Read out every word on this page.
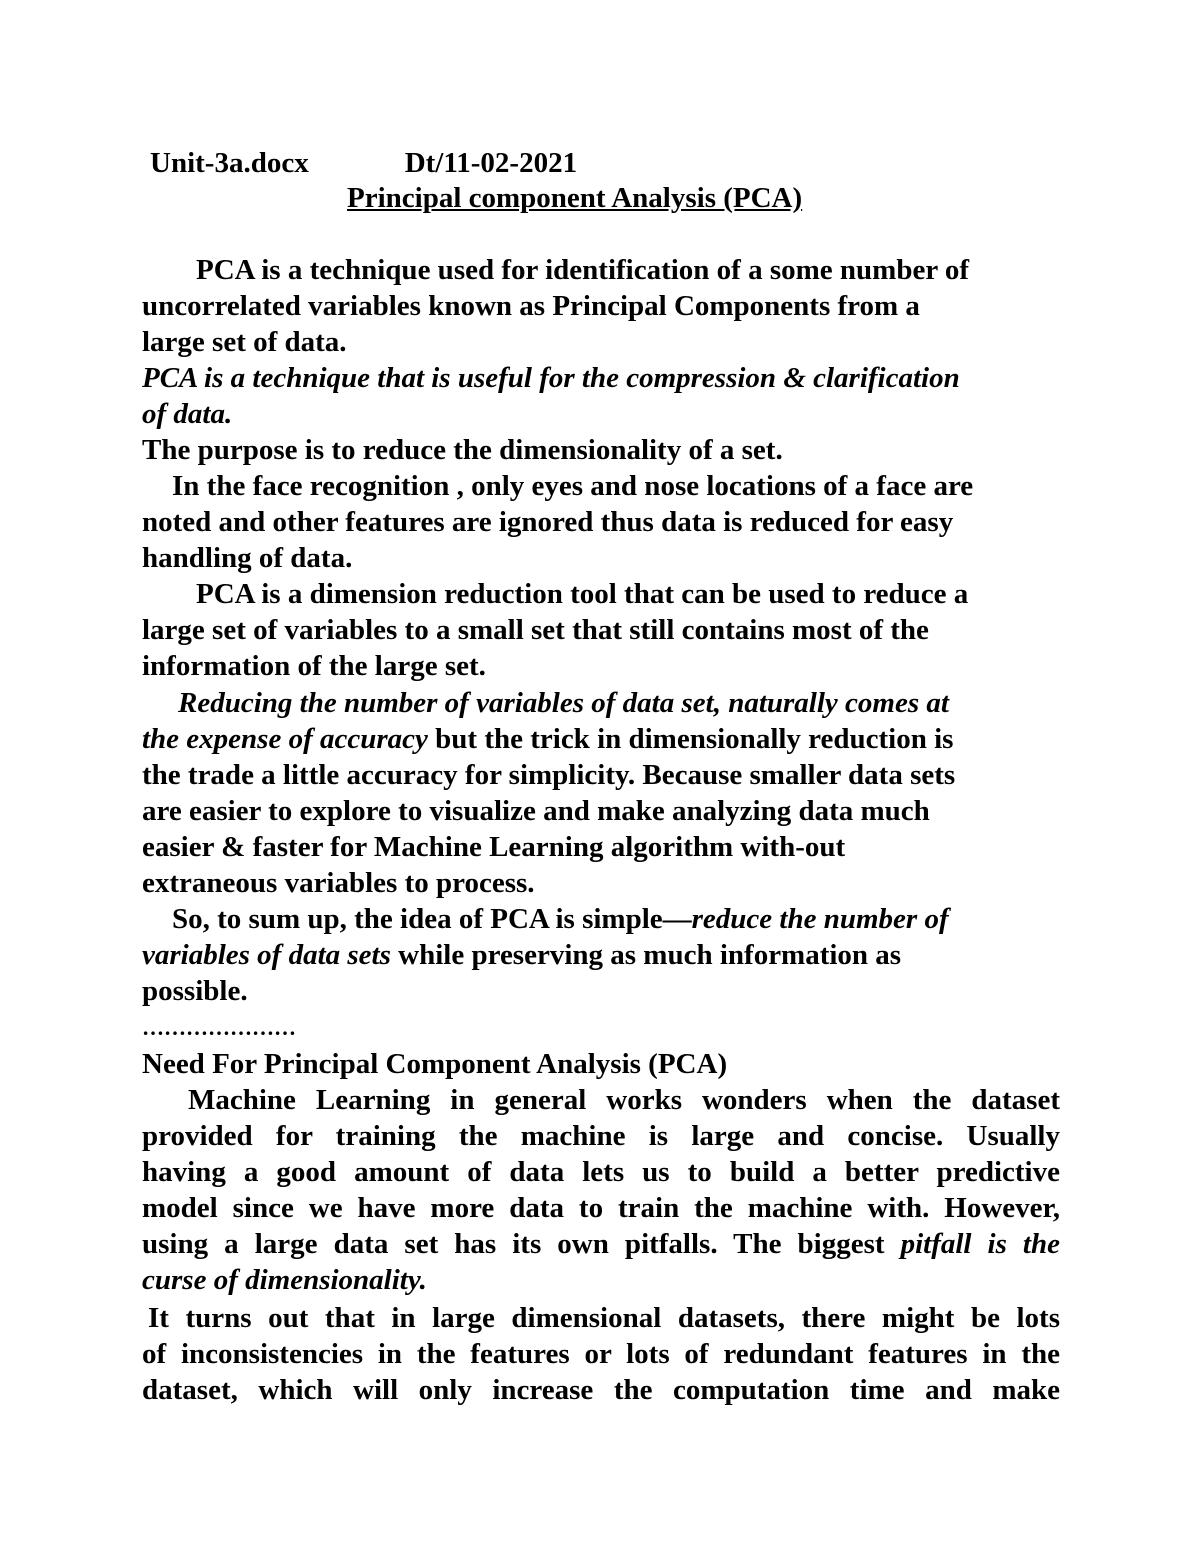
Unit-3a.docx	Dt/11-02-2021
Principal component Analysis (PCA)
PCA is a technique used for identification of a some number of
uncorrelated variables known as Principal Components from a
large set of data.
PCA is a technique that is useful for the compression & clarification
of data.
The purpose is to reduce the dimensionality of a set.
In the face recognition , only eyes and nose locations of a face are
noted and other features are ignored thus data is reduced for easy
handling of data.
PCA is a dimension reduction tool that can be used to reduce a
large set of variables to a small set that still contains most of the
information of the large set.
Reducing the number of variables of data set, naturally comes at
the expense of accuracy but the trick in dimensionally reduction is
the trade a little accuracy for simplicity. Because smaller data sets
are easier to explore to visualize and make analyzing data much
easier & faster for Machine Learning algorithm with-out
extraneous variables to process.
So, to sum up, the idea of PCA is simple—reduce the number of
variables of data sets while preserving as much information as
possible.
…………………
Need For Principal Component Analysis (PCA)
Machine Learning in general works wonders when the dataset
provided for training the machine is large and concise. Usually
having a good amount of data lets us to build a better predictive
model since we have more data to train the machine with. However,
using a large data set has its own pitfalls. The biggest pitfall is the
curse of dimensionality.
It turns out that in large dimensional datasets, there might be lots
of inconsistencies in the features or lots of redundant features in the
dataset, which will only increase the computation time and make
